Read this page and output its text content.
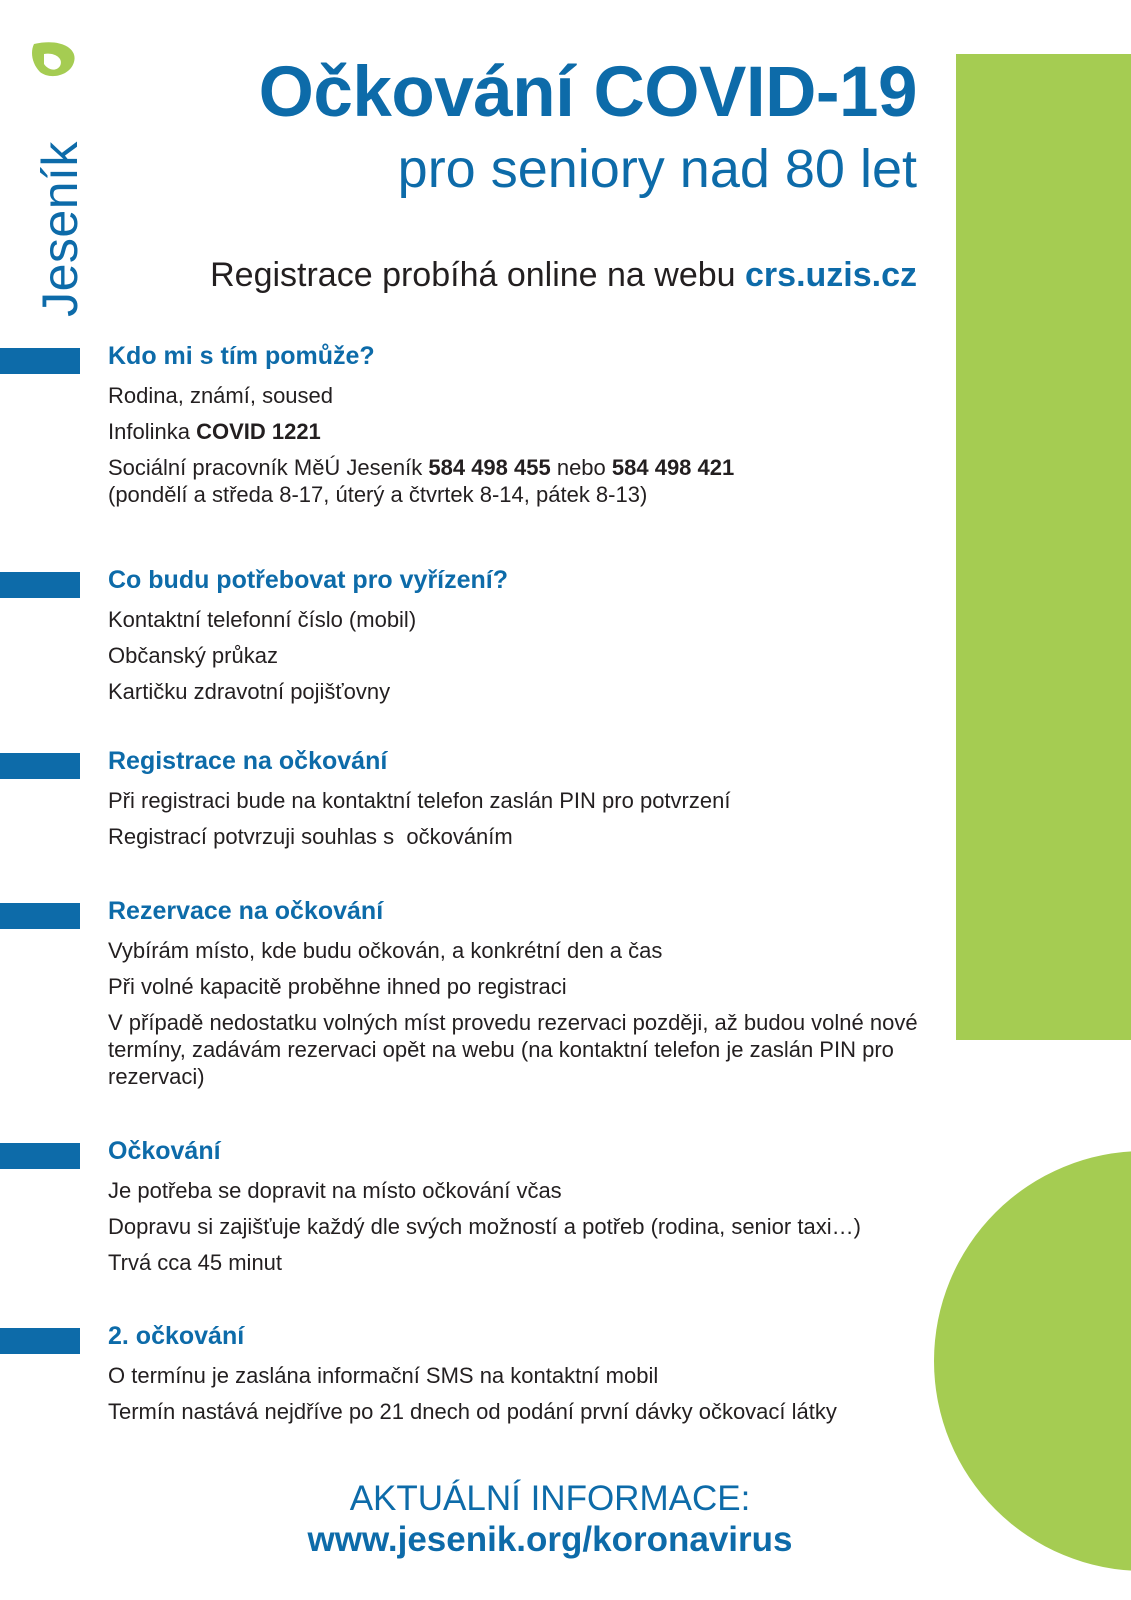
Jeseník
Očkování COVID-19

pro seniory nad 80 let

Registrace probíhá online na webu crs.uzis.cz

Kdo mi s tím pomůže?

Rodina, známí, soused

Infolinka COVID 1221

Sociální pracovník MěÚ Jeseník 584 498 455 nebo 584 498 421
(pondělí a středa 8-17, úterý a čtvrtek 8-14, pátek 8-13)

Co budu potřebovat pro vyřízení?

Kontaktní telefonní číslo (mobil)

Občanský průkaz

Kartičku zdravotní pojišťovny

Registrace na očkování

Při registraci bude na kontaktní telefon zaslán PIN pro potvrzení

Registrací potvrzuji souhlas s  očkováním

Rezervace na očkování

Vybírám místo, kde budu očkován, a konkrétní den a čas

Při volné kapacitě proběhne ihned po registraci

V případě nedostatku volných míst provedu rezervaci později, až budou volné nové termíny, zadávám rezervaci opět na webu (na kontaktní telefon je zaslán PIN pro rezervaci)

Očkování

Je potřeba se dopravit na místo očkování včas

Dopravu si zajišťuje každý dle svých možností a potřeb (rodina, senior taxi…)

Trvá cca 45 minut

2. očkování

O termínu je zaslána informační SMS na kontaktní mobil

Termín nastává nejdříve po 21 dnech od podání první dávky očkovací látky

AKTUÁLNÍ INFORMACE:

www.jesenik.org/koronavirus
